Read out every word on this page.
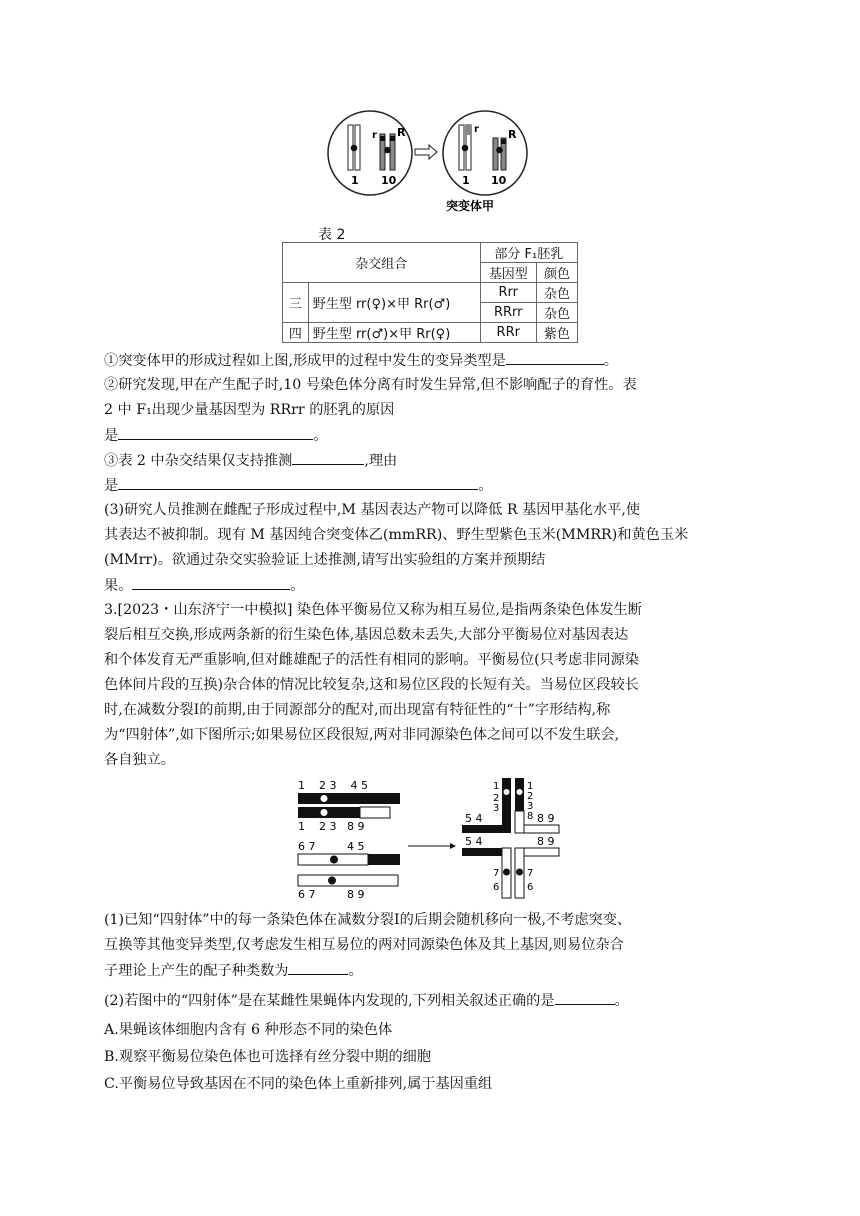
r R
1 10
r	R
1 10
突变体甲
表 2
杂交组合		部分 F₁胚乳	
		基因型	颜色
三	野生型 rr(♀)×甲 Rr(♂)	Rrr	杂色
		RRrr	杂色
四	野生型 rr(♂)×甲 Rr(♀)	RRr	紫色
①突变体甲的形成过程如上图,形成甲的过程中发生的变异类型是	。
②研究发现,甲在产生配子时,10 号染色体分离有时发生异常,但不影响配子的育性。表
2 中 F₁出现少量基因型为 RRrr 的胚乳的原因
是	。
③表 2 中杂交结果仅支持推测	,理由
是	。
(3)研究人员推测在雌配子形成过程中,M 基因表达产物可以降低 R 基因甲基化水平,使
其表达不被抑制。现有 M 基因纯合突变体乙(mmRR)、野生型紫色玉米(MMRR)和黄色玉米
(MMrr)。欲通过杂交实验验证上述推测,请写出实验组的方案并预期结
果。	。
3.[2023・山东济宁一中模拟] 染色体平衡易位又称为相互易位,是指两条染色体发生断
裂后相互交换,形成两条新的衍生染色体,基因总数未丢失,大部分平衡易位对基因表达
和个体发育无严重影响,但对雌雄配子的活性有相同的影响。平衡易位(只考虑非同源染
色体间片段的互换)杂合体的情况比较复杂,这和易位区段的长短有关。当易位区段较长
时,在减数分裂Ⅰ的前期,由于同源部分的配对,而出现富有特征性的“十”字形结构,称
为“四射体”,如下图所示;如果易位区段很短,两对非同源染色体之间可以不发生联会,
各自独立。
1    2 3    4 5
1    2 3   8 9
6 7         4 5
6 7         8 9
1
2
3
1
2
3
8
5 4	8 9
5 4	8 9
7
6
7
6
(1)已知“四射体”中的每一条染色体在减数分裂Ⅰ的后期会随机移向一极,不考虑突变、
互换等其他变异类型,仅考虑发生相互易位的两对同源染色体及其上基因,则易位杂合
子理论上产生的配子种类数为	。
(2)若图中的“四射体”是在某雌性果蝇体内发现的,下列相关叙述正确的是	。
A.果蝇该体细胞内含有 6 种形态不同的染色体
B.观察平衡易位染色体也可选择有丝分裂中期的细胞
C.平衡易位导致基因在不同的染色体上重新排列,属于基因重组
